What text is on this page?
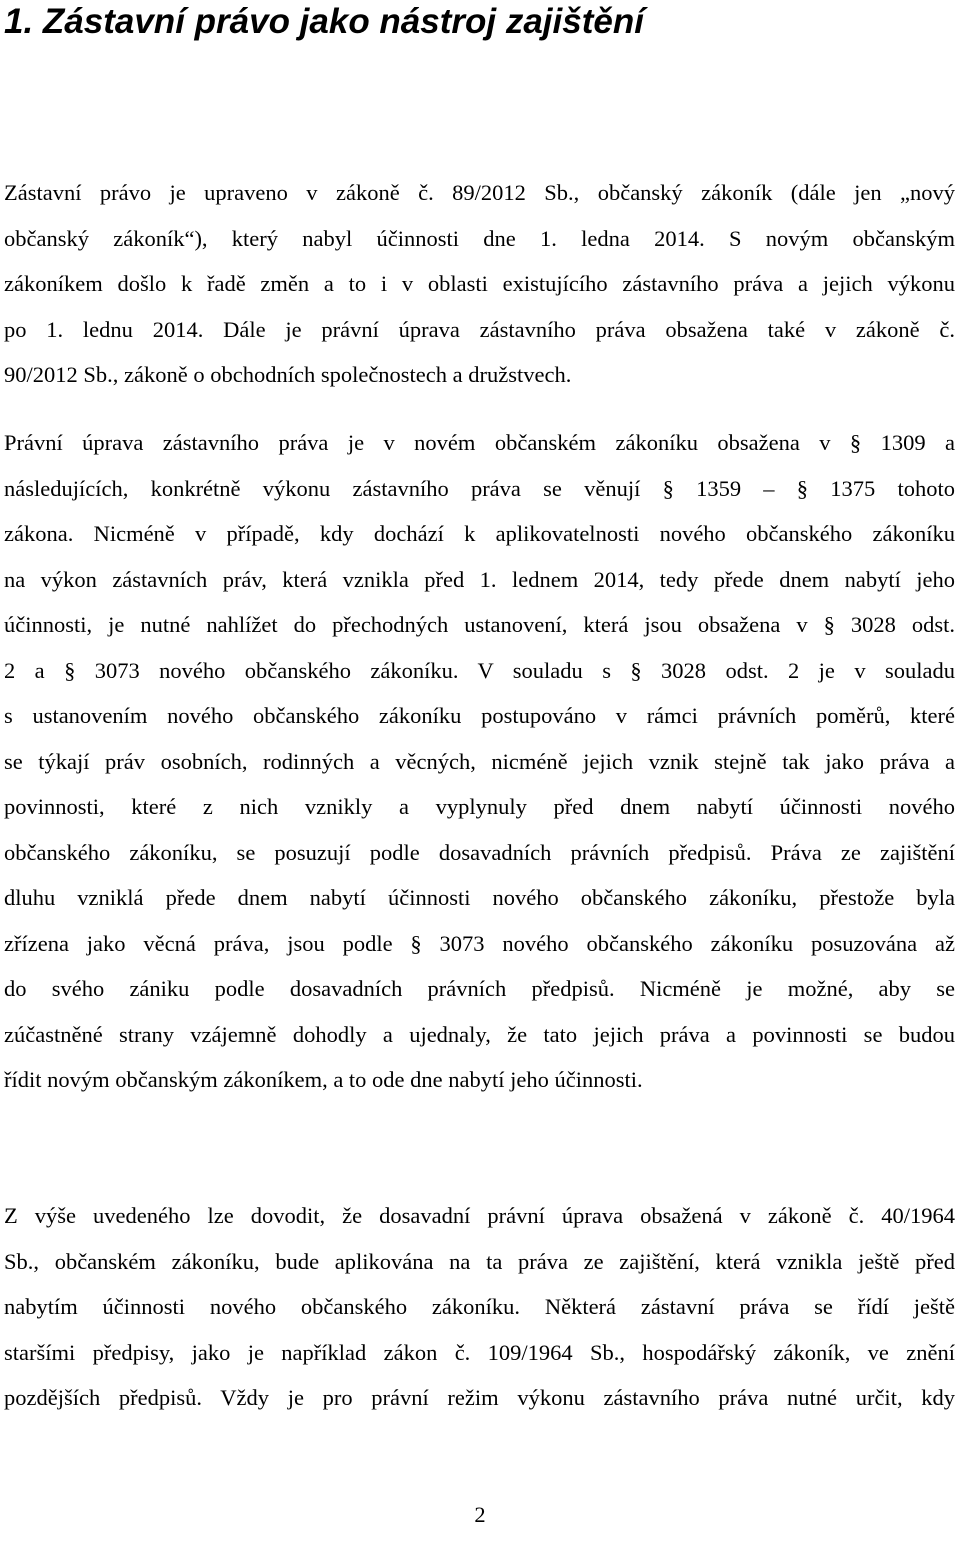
1. Zástavní právo jako nástroj zajištění

Zástavní právo je upraveno v zákoně č. 89/2012 Sb., občanský zákoník (dále jen „nový
občanský zákoník“), který nabyl účinnosti dne 1. ledna 2014. S novým občanským
zákoníkem došlo k řadě změn a to i v oblasti existujícího zástavního práva a jejich výkonu
po 1. lednu 2014. Dále je právní úprava zástavního práva obsažena také v zákoně č.
90/2012 Sb., zákoně o obchodních společnostech a družstvech.

Právní úprava zástavního práva je v novém občanském zákoníku obsažena v § 1309 a
následujících, konkrétně výkonu zástavního práva se věnují § 1359 – § 1375 tohoto
zákona. Nicméně v případě, kdy dochází k aplikovatelnosti nového občanského zákoníku
na výkon zástavních práv, která vznikla před 1. lednem 2014, tedy přede dnem nabytí jeho
účinnosti, je nutné nahlížet do přechodných ustanovení, která jsou obsažena v § 3028 odst.
2 a § 3073 nového občanského zákoníku. V souladu s § 3028 odst. 2 je v souladu
s ustanovením nového občanského zákoníku postupováno v rámci právních poměrů, které
se týkají práv osobních, rodinných a věcných, nicméně jejich vznik stejně tak jako práva a
povinnosti, které z nich vznikly a vyplynuly před dnem nabytí účinnosti nového
občanského zákoníku, se posuzují podle dosavadních právních předpisů. Práva ze zajištění
dluhu vzniklá přede dnem nabytí účinnosti nového občanského zákoníku, přestože byla
zřízena jako věcná práva, jsou podle § 3073 nového občanského zákoníku posuzována až
do svého zániku podle dosavadních právních předpisů. Nicméně je možné, aby se
zúčastněné strany vzájemně dohodly a ujednaly, že tato jejich práva a povinnosti se budou
řídit novým občanským zákoníkem, a to ode dne nabytí jeho účinnosti.

Z výše uvedeného lze dovodit, že dosavadní právní úprava obsažená v zákoně č. 40/1964
Sb., občanském zákoníku, bude aplikována na ta práva ze zajištění, která vznikla ještě před
nabytím účinnosti nového občanského zákoníku. Některá zástavní práva se řídí ještě
staršími předpisy, jako je například zákon č. 109/1964 Sb., hospodářský zákoník, ve znění
pozdějších předpisů. Vždy je pro právní režim výkonu zástavního práva nutné určit, kdy

2
